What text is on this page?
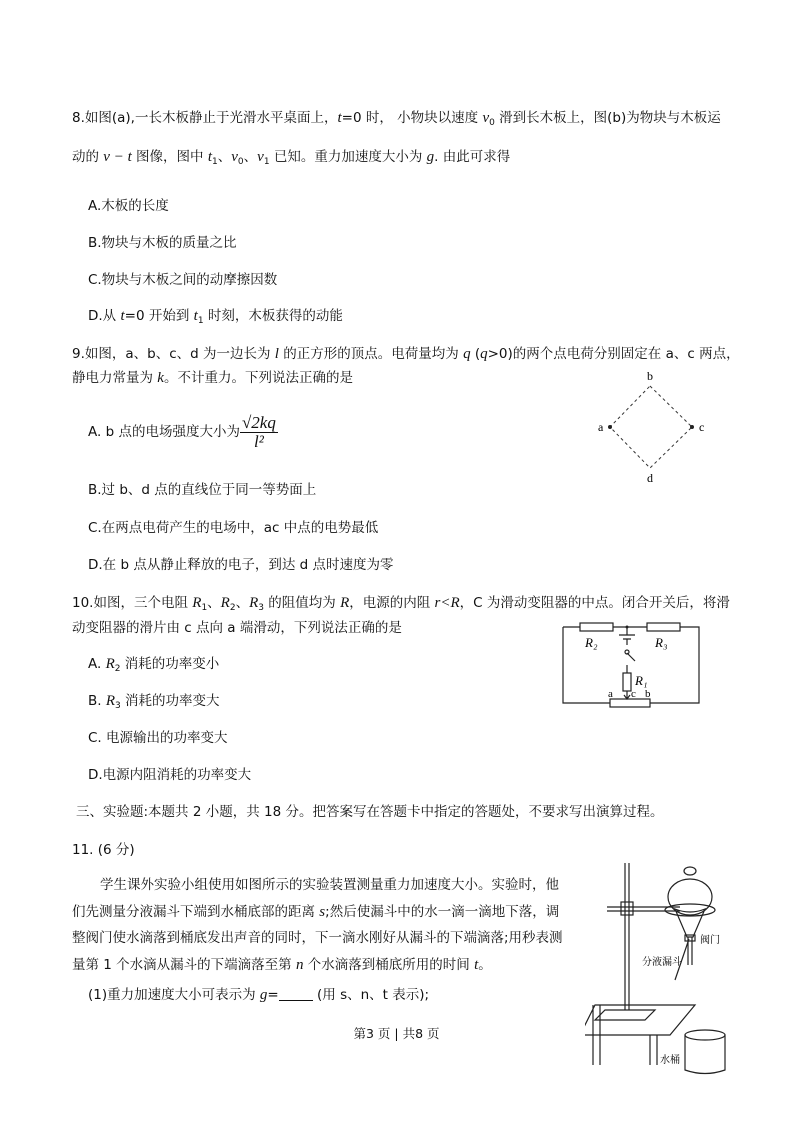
8.如图(a),一长木板静止于光滑水平桌面上，t=0 时， 小物块以速度 $v_0$ 滑到长木板上，图(b)为物块与木板运
动的 v − t 图像，图中 $t_1$、$v_0$、$v_1$ 已知。重力加速度大小为 g. 由此可求得
A.木板的长度
B.物块与木板的质量之比
C.物块与木板之间的动摩擦因数
D.从 t=0 开始到 $t_1$ 时刻，木板获得的动能
9.如图，a、b、c、d 为一边长为 l 的正方形的顶点。电荷量均为 q (q>0)的两个点电荷分别固定在 a、c 两点，
静电力常量为 k。不计重力。下列说法正确的是
B.过 b、d 点的直线位于同一等势面上
C.在两点电荷产生的电场中，ac 中点的电势最低
D.在 b 点从静止释放的电子，到达 d 点时速度为零
10.如图，三个电阻 $R_1$、$R_2$、$R_3$ 的阻值均为 R，电源的内阻 r<R，C 为滑动变阻器的中点。闭合开关后，将滑
动变阻器的滑片由 c 点向 a 端滑动，下列说法正确的是
A. $R_2$ 消耗的功率变小
B. $R_3$ 消耗的功率变大
C. 电源输出的功率变大
D.电源内阻消耗的功率变大
三、实验题:本题共 2 小题，共 18 分。把答案写在答题卡中指定的答题处，不要求写出演算过程。
11. (6 分)
学生课外实验小组使用如图所示的实验装置测量重力加速度大小。实验时，他
们先测量分液漏斗下端到水桶底部的距离 s;然后使漏斗中的水一滴一滴地下落，调
整阀门使水滴落到桶底发出声音的同时，下一滴水刚好从漏斗的下端滴落;用秒表测
量第 1 个水滴从漏斗的下端滴落至第 n 个水滴落到桶底所用的时间 t。
A. b 点的电场强度大小为 $\frac{√2kq}{\text{l²}}$
(1)重力加速度大小可表示为 g=	(用 s、n、t 表示);
b
a	c
d
R₂	R₃
R₁
a c b
阀门
分液漏斗
水桶
第3 页 | 共8 页
